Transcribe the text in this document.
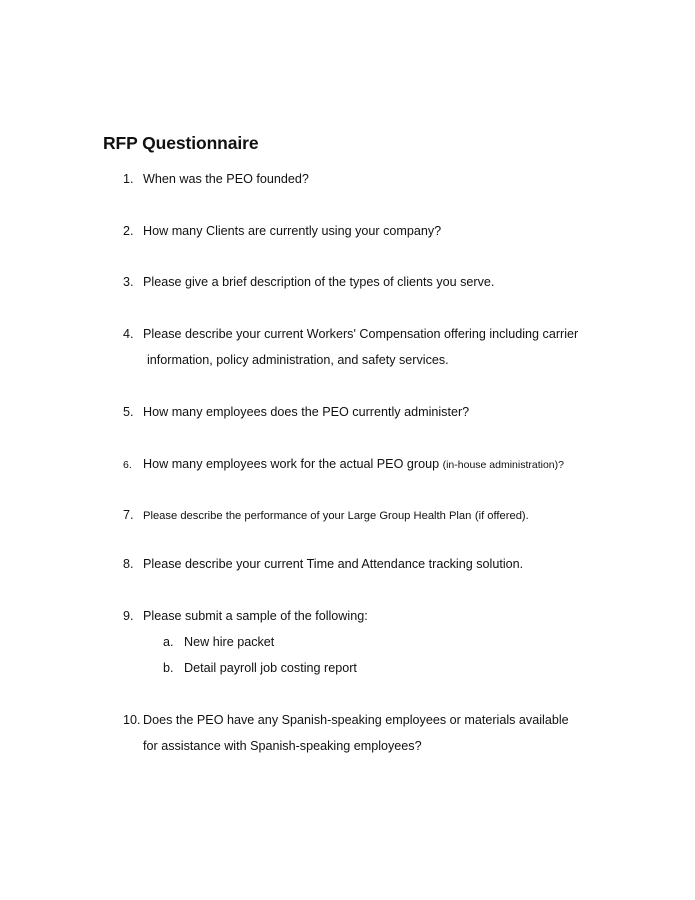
RFP Questionnaire
1. When was the PEO founded?
2. How many Clients are currently using your company?
3. Please give a brief description of the types of clients you serve.
4. Please describe your current Workers' Compensation offering including carrier
information, policy administration, and safety services.
5. How many employees does the PEO currently administer?
6. How many employees work for the actual PEO group (in-house administration)?
7. Please describe the performance of your Large Group Health Plan (if offered).
8. Please describe your current Time and Attendance tracking solution.
9. Please submit a sample of the following:
a. New hire packet
b. Detail payroll job costing report
10. Does the PEO have any Spanish-speaking employees or materials available
for assistance with Spanish-speaking employees?
